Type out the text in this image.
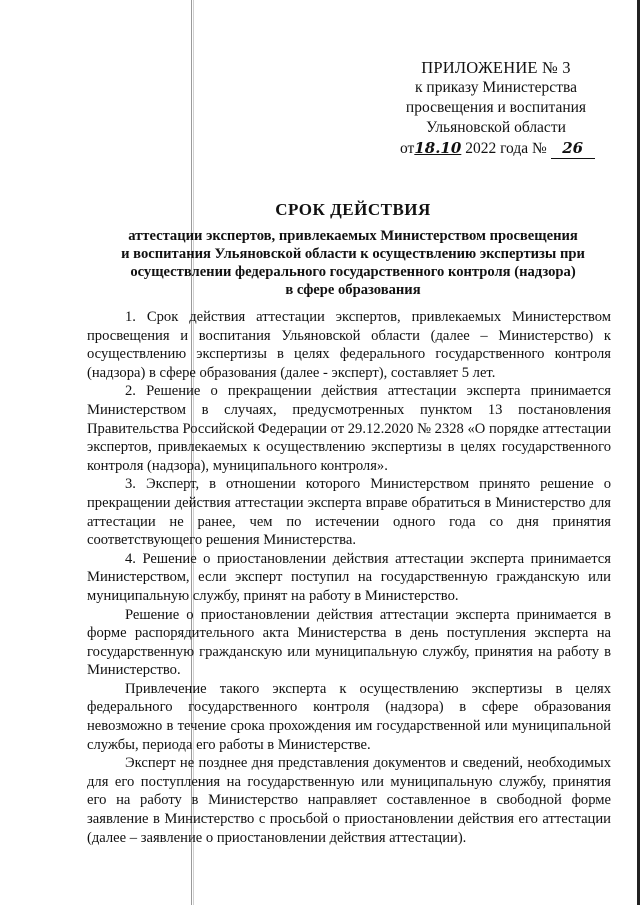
ПРИЛОЖЕНИЕ № 3
к приказу Министерства
просвещения и воспитания
Ульяновской области
от18.10 2022 года № 26
СРОК ДЕЙСТВИЯ
аттестации экспертов, привлекаемых Министерством просвещения
и воспитания Ульяновской области к осуществлению экспертизы при
осуществлении федерального государственного контроля (надзора)
в сфере образования

1. Срок действия аттестации экспертов, привлекаемых Министерством просвещения и воспитания Ульяновской области (далее – Министерство) к осуществлению экспертизы в целях федерального государственного контроля (надзора) в сфере образования (далее - эксперт), составляет 5 лет.

2. Решение о прекращении действия аттестации эксперта принимается Министерством в случаях, предусмотренных пунктом 13 постановления Правительства Российской Федерации от 29.12.2020 № 2328 «О порядке аттестации экспертов, привлекаемых к осуществлению экспертизы в целях государственного контроля (надзора), муниципального контроля».

3. Эксперт, в отношении которого Министерством принято решение о прекращении действия аттестации эксперта вправе обратиться в Министерство для аттестации не ранее, чем по истечении одного года со дня принятия соответствующего решения Министерства.

4. Решение о приостановлении действия аттестации эксперта принимается Министерством, если эксперт поступил на государственную гражданскую или муниципальную службу, принят на работу в Министерство.

Решение о приостановлении действия аттестации эксперта принимается в форме распорядительного акта Министерства в день поступления эксперта на государственную гражданскую или муниципальную службу, принятия на работу в Министерство.

Привлечение такого эксперта к осуществлению экспертизы в целях федерального государственного контроля (надзора) в сфере образования невозможно в течение срока прохождения им государственной или муниципальной службы, периода его работы в Министерстве.

Эксперт не позднее дня представления документов и сведений, необходимых для его поступления на государственную или муниципальную службу, принятия его на работу в Министерство направляет составленное в свободной форме заявление в Министерство с просьбой о приостановлении действия его аттестации (далее – заявление о приостановлении действия аттестации).
